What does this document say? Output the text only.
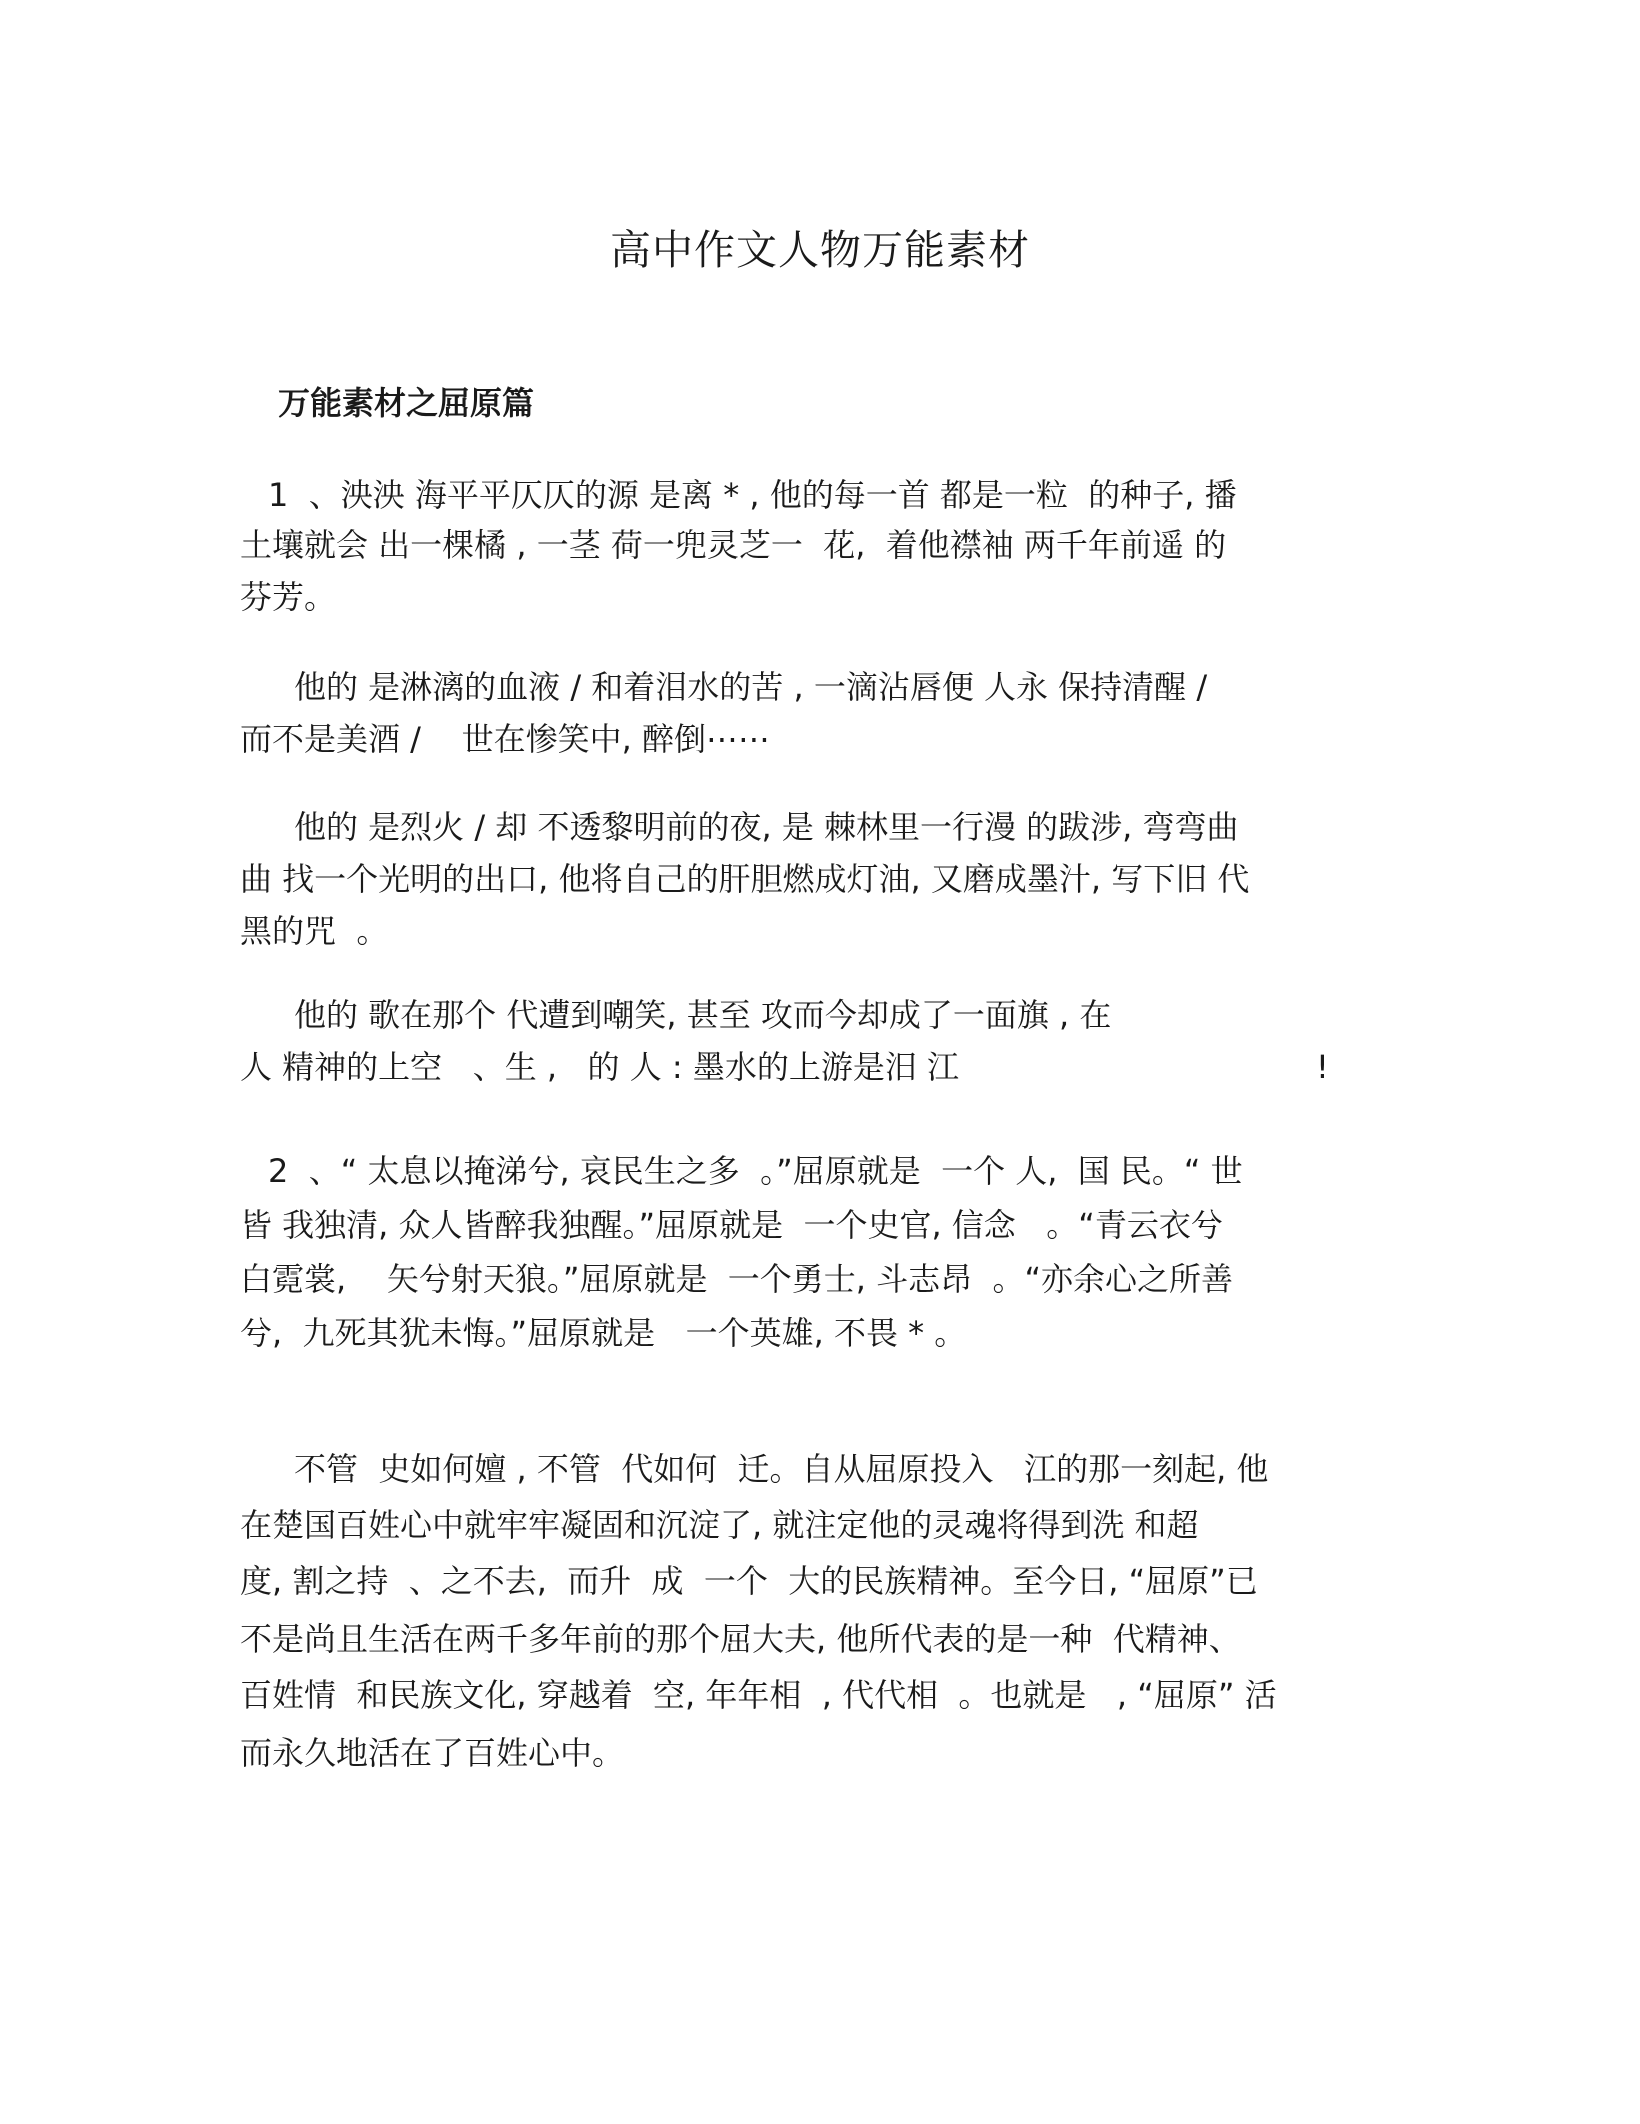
高中作文人物万能素材
万能素材之屈原篇
1  、泱泱 海平平仄仄的源 是离 * , 他的每一首 都是一粒  的种子, 播
土壤就会 出一棵橘 , 一茎 荷一兜灵芝一  花,  着他襟袖 两千年前遥 的
芬芳。
他的 是淋漓的血液 / 和着泪水的苦 , 一滴沾唇便 人永 保持清醒 /
而不是美酒 /    世在惨笑中, 醉倒⋯⋯
他的 是烈火 / 却 不透黎明前的夜, 是 棘林里一行漫 的跋涉, 弯弯曲
曲 找一个光明的出口, 他将自己的肝胆燃成灯油, 又磨成墨汁, 写下旧 代
黑的咒  。
他的 歌在那个 代遭到嘲笑, 甚至 攻而今却成了一面旗 , 在
人 精神的上空   、生 ,   的 人 : 墨水的上游是汨 江	!
2  、“ 太息以掩涕兮, 哀民生之多  。”屈原就是  一个 人,  国 民。“ 世
皆 我独清, 众人皆醉我独醒。”屈原就是  一个史官, 信念   。“青云衣兮
白霓裳,    矢兮射天狼。”屈原就是  一个勇士, 斗志昂  。“亦余心之所善
兮,  九死其犹未悔。”屈原就是   一个英雄, 不畏 * 。
不管  史如何嬗 , 不管  代如何  迁。自从屈原投入   江的那一刻起, 他
在楚国百姓心中就牢牢凝固和沉淀了, 就注定他的灵魂将得到洗 和超
度, 割之持  、之不去,  而升  成  一个  大的民族精神。至今日, “屈原”已
不是尚且生活在两千多年前的那个屈大夫, 他所代表的是一种  代精神、
百姓情  和民族文化, 穿越着  空, 年年相  , 代代相  。也就是   , “屈原” 活
而永久地活在了百姓心中。
